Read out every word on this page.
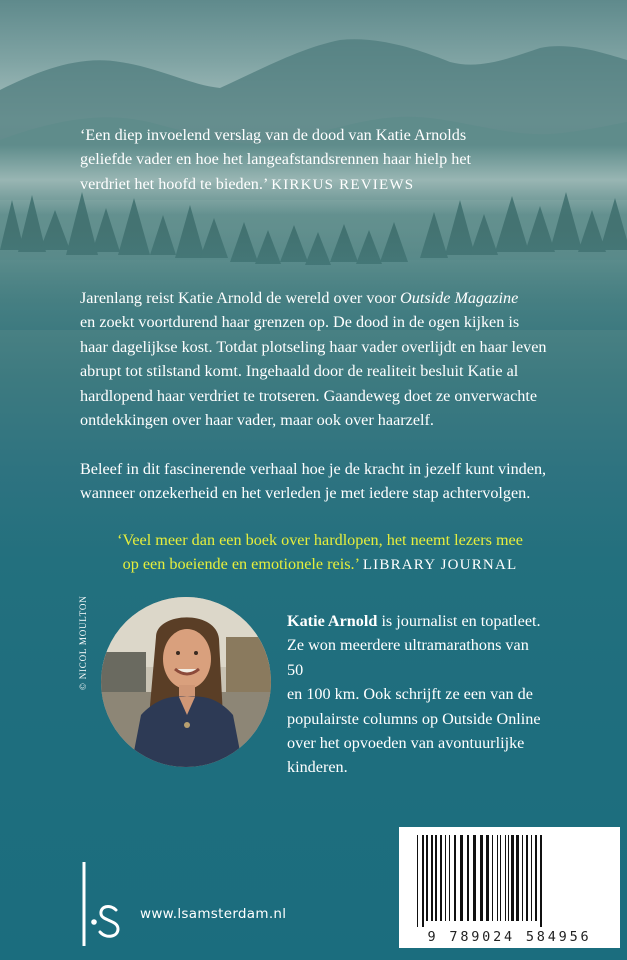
‘Een diep invoelend verslag van de dood van Katie Arnolds
geliefde vader en hoe het langeafstandsrennen haar hielp het
verdriet het hoofd te bieden.’ KIRKUS REVIEWS

Jarenlang reist Katie Arnold de wereld over voor Outside Magazine
en zoekt voortdurend haar grenzen op. De dood in de ogen kijken is
haar dagelijkse kost. Totdat plotseling haar vader overlijdt en haar leven
abrupt tot stilstand komt. Ingehaald door de realiteit besluit Katie al
hardlopend haar verdriet te trotseren. Gaandeweg doet ze onverwachte
ontdekkingen over haar vader, maar ook over haarzelf.

Beleef in dit fascinerende verhaal hoe je de kracht in jezelf kunt vinden,
wanneer onzekerheid en het verleden je met iedere stap achtervolgen.

‘Veel meer dan een boek over hardlopen, het neemt lezers mee
op een boeiende en emotionele reis.’ LIBRARY JOURNAL

© NICOL MOULTON	Katie Arnold is journalist en topatleet.
Ze won meerdere ultramarathons van 50
en 100 km. Ook schrijft ze een van de
populairste columns op Outside Online
over het opvoeden van avontuurlijke
kinderen.

www.lsamsterdam.nl
9 789024 584956
